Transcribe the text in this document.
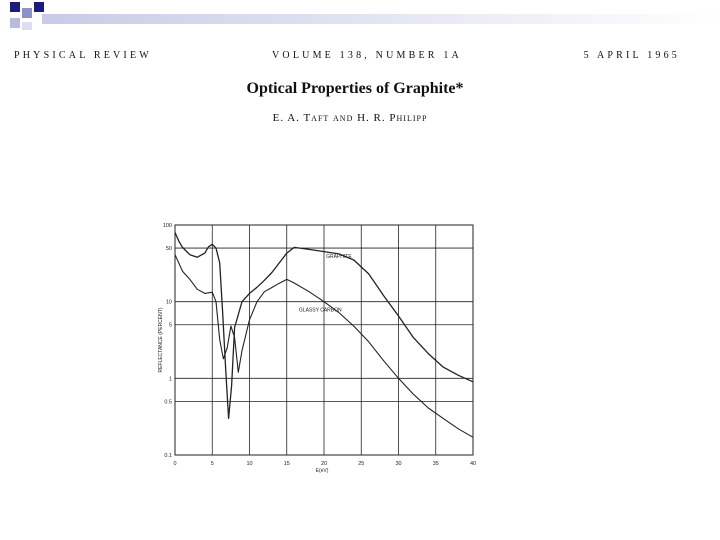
PHYSICAL REVIEW	VOLUME 138, NUMBER 1A	5 APRIL 1965
Optical Properties of Graphite*
E. A. Taft and H. R. Philipp
0	5	10	15	20	25	30	35	40
100
50
10
5
1
0.5
0.1
E(eV)
REFLECTANCE (PERCENT)
GRAPHITE
GLASSY CARBON
